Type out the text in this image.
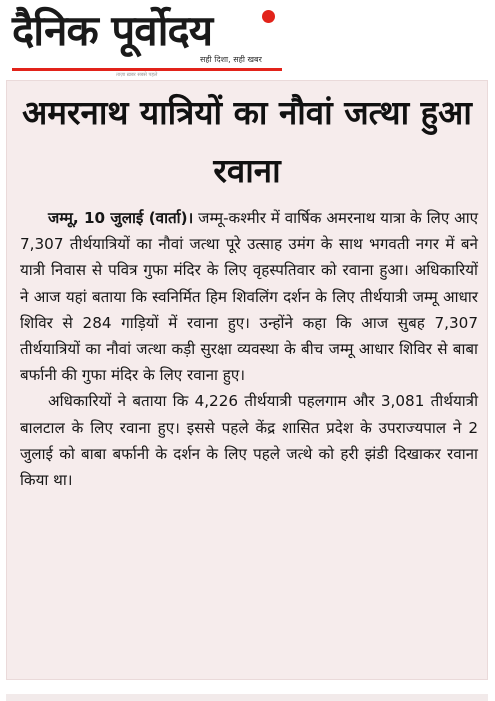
दैनिक पूर्वोदय
सही दिशा, सही खबर
ताज़ा ख़बर सबसे पहले
अमरनाथ यात्रियों का नौवां जत्था हुआ रवाना

जम्मू, 10 जुलाई (वार्ता)। जम्मू-कश्मीर में वार्षिक अमरनाथ यात्रा के लिए आए 7,307 तीर्थयात्रियों का नौवां जत्था पूरे उत्साह उमंग के साथ भगवती नगर में बने यात्री निवास से पवित्र गुफा मंदिर के लिए वृहस्पतिवार को रवाना हुआ। अधिकारियों ने आज यहां बताया कि स्वनिर्मित हिम शिवलिंग दर्शन के लिए तीर्थयात्री जम्मू आधार शिविर से 284 गाड़ियों में रवाना हुए। उन्होंने कहा कि आज सुबह 7,307 तीर्थयात्रियों का नौवां जत्था कड़ी सुरक्षा व्यवस्था के बीच जम्मू आधार शिविर से बाबा बर्फानी की गुफा मंदिर के लिए रवाना हुए।

अधिकारियों ने बताया कि 4,226 तीर्थयात्री पहलगाम और 3,081 तीर्थयात्री बालटाल के लिए रवाना हुए। इससे पहले केंद्र शासित प्रदेश के उपराज्यपाल ने 2 जुलाई को बाबा बर्फानी के दर्शन के लिए पहले जत्थे को हरी झंडी दिखाकर रवाना किया था।
